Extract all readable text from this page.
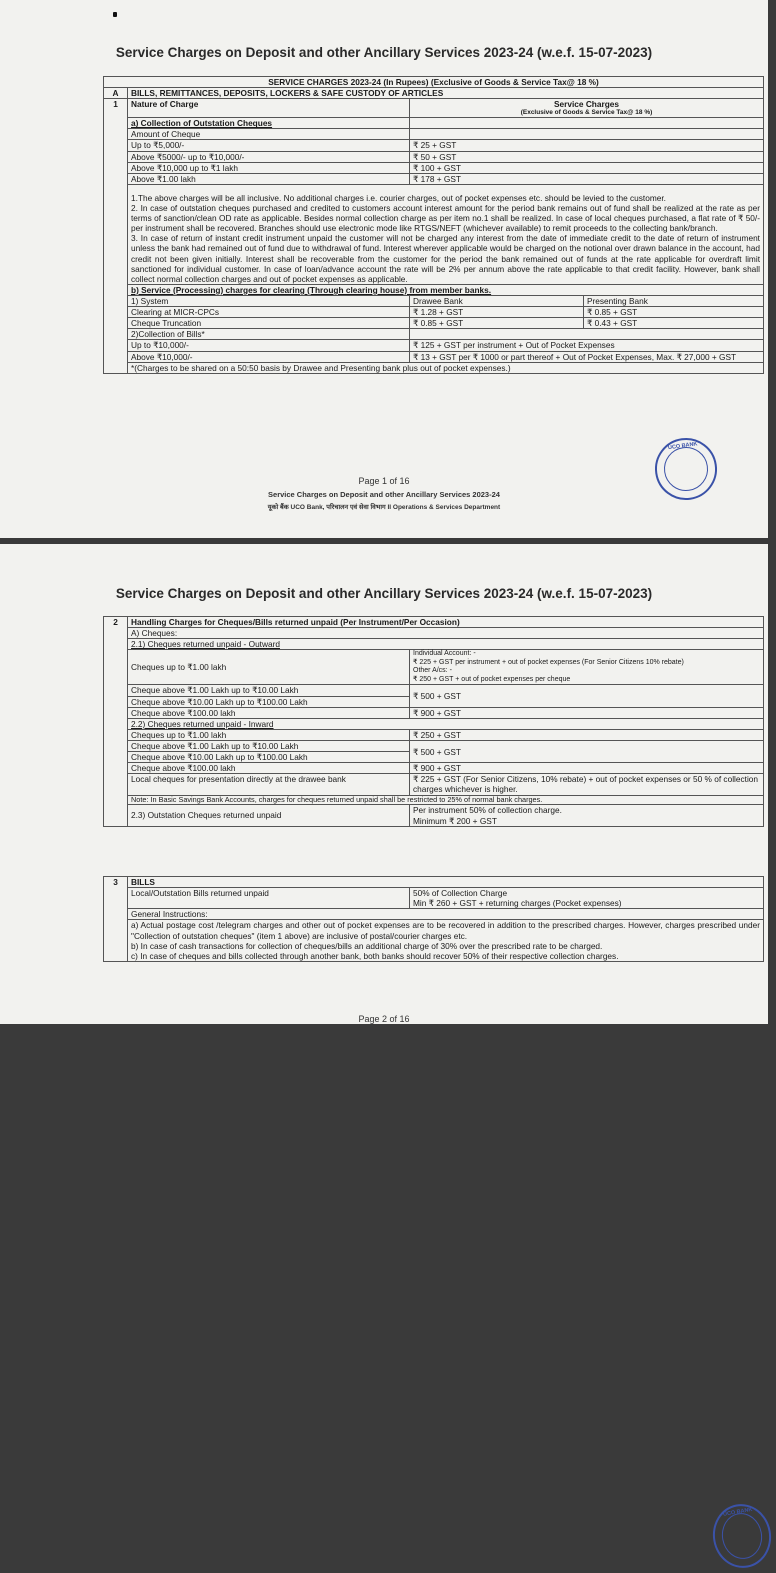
Service Charges on Deposit and other Ancillary Services 2023-24 (w.e.f. 15-07-2023)
SERVICE CHARGES 2023-24 (In Rupees) (Exclusive of Goods & Service Tax@ 18 %)			
A	BILLS, REMITTANCES, DEPOSITS, LOCKERS & SAFE CUSTODY OF ARTICLES		
1	Nature of Charge	Service Charges
(Exclusive of Goods & Service Tax@ 18 %)	

	a) Collection of Outstation Cheques		
	Amount of Cheque		
	Up to ₹5,000/-	₹ 25 + GST	
	Above ₹5000/- up to ₹10,000/-	₹ 50 + GST	
	Above ₹10,000 up to ₹1 lakh	₹ 100 + GST	
	Above ₹1.00 lakh	₹ 178 + GST	

	1.The above charges will be all inclusive. No additional charges i.e. courier charges, out of pocket expenses etc. should be levied to the customer.
2. In case of outstation cheques purchased and credited to customers account interest amount for the period bank remains out of fund shall be realized at the rate as per terms of sanction/clean OD rate as applicable. Besides normal collection charge as per item no.1 shall be realized. In case of local cheques purchased, a flat rate of ₹ 50/- per instrument shall be recovered. Branches should use electronic mode like RTGS/NEFT (whichever available) to remit proceeds to the collecting bank/branch.
3. In case of return of instant credit instrument unpaid the customer will not be charged any interest from the date of immediate credit to the date of return of instrument unless the bank had remained out of fund due to withdrawal of fund. Interest wherever applicable would be charged on the notional over drawn balance in the account, had credit not been given initially. Interest shall be recoverable from the customer for the period the bank remained out of funds at the rate applicable for overdraft limit sanctioned for individual customer. In case of loan/advance account the rate will be 2% per annum above the rate applicable to that credit facility. However, bank shall collect normal collection charges and out of pocket expenses as applicable.		

	b) Service (Processing) charges for clearing (Through clearing house) from member banks.		
	1) System	Drawee Bank	Presenting Bank
	Clearing at MICR-CPCs	₹ 1.28 + GST	₹ 0.85 + GST
	Cheque Truncation	₹ 0.85 + GST	₹ 0.43 + GST
	2)Collection of Bills*		
	Up to ₹10,000/-	₹ 125 + GST per instrument + Out of Pocket Expenses	
	Above ₹10,000/-	₹ 13 + GST per ₹ 1000 or part thereof + Out of Pocket Expenses, Max. ₹ 27,000 + GST	
	*(Charges to be shared on a 50:50 basis by Drawee and Presenting bank plus out of pocket expenses.)		
UCO BANK
Page 1 of 16
Service Charges on Deposit and other Ancillary Services 2023-24
यूको बैंक UCO Bank, परिचालन एवं सेवा विभाग II Operations & Services Department
Service Charges on Deposit and other Ancillary Services 2023-24 (w.e.f. 15-07-2023)
2	Handling Charges for Cheques/Bills returned unpaid (Per Instrument/Per Occasion)	
	A) Cheques:	
	2.1) Cheques returned unpaid - Outward	
	Cheques up to ₹1.00 lakh	Individual Account: -
₹ 225 + GST per instrument + out of pocket expenses (For Senior Citizens 10% rebate)
Other A/cs: -
₹ 250 + GST + out of pocket expenses per cheque

	Cheque above ₹1.00 Lakh up to ₹10.00 Lakh	₹ 500 + GST
	Cheque above ₹10.00 Lakh up to ₹100.00 Lakh	
	Cheque above ₹100.00 lakh	₹ 900 + GST
	2.2) Cheques returned unpaid - Inward	
	Cheques up to ₹1.00 lakh	₹ 250 + GST
	Cheque above ₹1.00 Lakh up to ₹10.00 Lakh	₹ 500 + GST
	Cheque above ₹10.00 Lakh up to ₹100.00 Lakh	
	Cheque above ₹100.00 lakh	₹ 900 + GST
	Local cheques for presentation directly at the drawee bank	₹ 225 + GST (For Senior Citizens, 10% rebate) + out of pocket expenses or 50 % of collection charges whichever is higher.
	Note: In Basic Savings Bank Accounts, charges for cheques returned unpaid shall be restricted to 25% of normal bank charges.	
	2.3) Outstation Cheques returned unpaid	Per instrument 50% of collection charge.
Minimum ₹ 200 + GST
3	BILLS	
	Local/Outstation Bills returned unpaid	50% of Collection Charge
Min ₹ 260 + GST + returning charges (Pocket expenses)

	General Instructions:	

	a) Actual postage cost /telegram charges and other out of pocket expenses are to be recovered in addition to the prescribed charges. However, charges prescribed under "Collection of outstation cheques" (item 1 above) are inclusive of postal/courier charges etc.
b) In case of cash transactions for collection of cheques/bills an additional charge of 30% over the prescribed rate to be charged.
c) In case of cheques and bills collected through another bank, both banks should recover 50% of their respective collection charges.	
UCO BANK
Page 2 of 16
